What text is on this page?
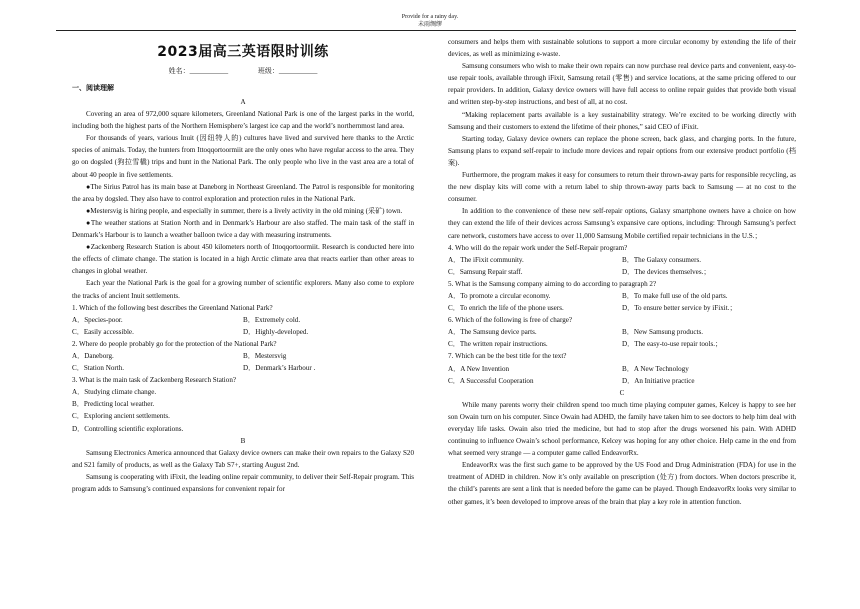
Provide for a rainy day.
未雨绸缪
2023届高三英语限时训练
姓名：___________	班级：___________
一、阅读理解
A
Covering an area of 972,000 square kilometers, Greenland National Park is one of the largest parks in the world, including both the highest parts of the Northern Hemisphere’s largest ice cap and the world’s northernmost land area.
For thousands of years, various Inuit (因纽特人的) cultures have lived and survived here thanks to the Arctic species of animals. Today, the hunters from Ittoqqortoormiit are the only ones who have regular access to the area. They go on dogsled (狗拉雪橇) trips and hunt in the National Park. The only people who live in the vast area are a total of about 40 people in five settlements.
●The Sirius Patrol has its main base at Daneborg in Northeast Greenland. The Patrol is responsible for monitoring the area by dogsled. They also have to control exploration and protection rules in the National Park.
●Mestersvig is hiring people, and especially in summer, there is a lively activity in the old mining (采矿) town.
●The weather stations at Station North and in Denmark’s Harbour are also staffed. The main task of the staff in Denmark’s Harbour is to launch a weather balloon twice a day with measuring instruments.
●Zackenberg Research Station is about 450 kilometers north of Ittoqqortoormiit. Research is conducted here into the effects of climate change. The station is located in a high Arctic climate area that reacts earlier than other areas to changes in global weather.
Each year the National Park is the goal for a growing number of scientific explorers. Many also come to explore the tracks of ancient Inuit settlements.
1. Which of the following best describes the Greenland National Park?
A．Species-poor.	B．Extremely cold.
C．Easily accessible.	D．Highly-developed.
2. Where do people probably go for the protection of the National Park?
A．Daneborg.	B．Mestersvig
C．Station North.	D．Denmark’s Harbour .
3. What is the main task of Zackenberg Research Station?
A．Studying climate change.
B．Predicting local weather.
C．Exploring ancient settlements.
D．Controlling scientific explorations.
B
Samsung Electronics America announced that Galaxy device owners can make their own repairs to the Galaxy S20 and S21 family of products, as well as the Galaxy Tab S7+, starting August 2nd.
Samsung is cooperating with iFixit, the leading online repair community, to deliver their Self-Repair program. This program adds to Samsung’s continued expansions for convenient repair for
consumers and helps them with sustainable solutions to support a more circular economy by extending the life of their devices, as well as minimizing e-waste.
Samsung consumers who wish to make their own repairs can now purchase real device parts and convenient, easy-to-use repair tools, available through iFixit, Samsung retail (零售) and service locations, at the same pricing offered to our repair providers. In addition, Galaxy device owners will have full access to online repair guides that provide both visual and written step-by-step instructions, and best of all, at no cost.
“Making replacement parts available is a key sustainability strategy. We’re excited to be working directly with Samsung and their customers to extend the lifetime of their phones,” said CEO of iFixit.
Starting today, Galaxy device owners can replace the phone screen, back glass, and charging ports. In the future, Samsung plans to expand self-repair to include more devices and repair options from our extensive product portfolio (档案).
Furthermore, the program makes it easy for consumers to return their thrown-away parts for responsible recycling, as the new display kits will come with a return label to ship thrown-away parts back to Samsung — at no cost to the consumer.
In addition to the convenience of these new self-repair options, Galaxy smartphone owners have a choice on how they can extend the life of their devices across Samsung’s expansive care options, including: Through Samsung’s perfect care network, customers have access to over 11,000 Samsung Mobile certified repair technicians in the U.S.；
4. Who will do the repair work under the Self-Repair program?
A．The iFixit community.	B．The Galaxy consumers.
C．Samsung Repair staff.	D．The devices themselves.；
5. What is the Samsung company aiming to do according to paragraph 2?
A．To promote a circular economy.	B．To make full use of the old parts.
C．To enrich the life of the phone users.	D．To ensure better service by iFixit.；
6. Which of the following is free of charge?
A．The Samsung device parts.	B．New Samsung products.
C．The written repair instructions.	D．The easy-to-use repair tools.；
7. Which can be the best title for the text?
A．A New Invention	B．A New Technology
C．A Successful Cooperation	D．An Initiative practice
C
While many parents worry their children spend too much time playing computer games, Kelcey is happy to see her son Owain turn on his computer. Since Owain had ADHD, the family have taken him to see doctors to help him deal with everyday life tasks. Owain also tried the medicine, but had to stop after the drugs worsened his pain. With ADHD continuing to influence Owain’s school performance, Kelcey was hoping for any other choice. Help came in the end from what seemed very strange — a computer game called EndeavorRx.
EndeavorRx was the first such game to be approved by the US Food and Drug Administration (FDA) for use in the treatment of ADHD in children. Now it’s only available on prescription (处方) from doctors. When doctors prescribe it, the child’s parents are sent a link that is needed before the game can be played. Though EndeavorRx looks very similar to other games, it’s been developed to improve areas of the brain that play a key role in attention function.
